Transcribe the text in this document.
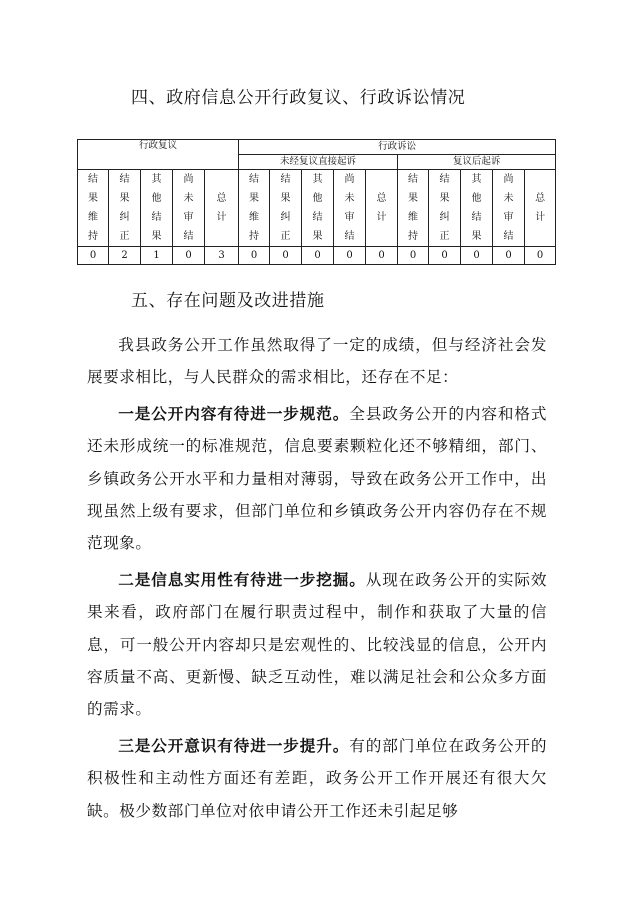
四、政府信息公开行政复议、行政诉讼情况
行政复议					行政诉讼									
					未经复议直接起诉					复议后起诉				
结果维持	结果纠正	其他结果	尚未审结	总计	结果维持	结果纠正	其他结果	尚未审结	总计	结果维持	结果纠正	其他结果	尚未审结	总计
0	2	1	0	3	0	0	0	0	0	0	0	0	0	0
五、存在问题及改进措施

我县政务公开工作虽然取得了一定的成绩，但与经济社会发展要求相比，与人民群众的需求相比，还存在不足：

一是公开内容有待进一步规范。全县政务公开的内容和格式还未形成统一的标准规范，信息要素颗粒化还不够精细，部门、乡镇政务公开水平和力量相对薄弱，导致在政务公开工作中，出现虽然上级有要求，但部门单位和乡镇政务公开内容仍存在不规范现象。

二是信息实用性有待进一步挖掘。从现在政务公开的实际效果来看，政府部门在履行职责过程中，制作和获取了大量的信息，可一般公开内容却只是宏观性的、比较浅显的信息，公开内容质量不高、更新慢、缺乏互动性，难以满足社会和公众多方面的需求。

三是公开意识有待进一步提升。有的部门单位在政务公开的积极性和主动性方面还有差距，政务公开工作开展还有很大欠缺。极少数部门单位对依申请公开工作还未引起足够
